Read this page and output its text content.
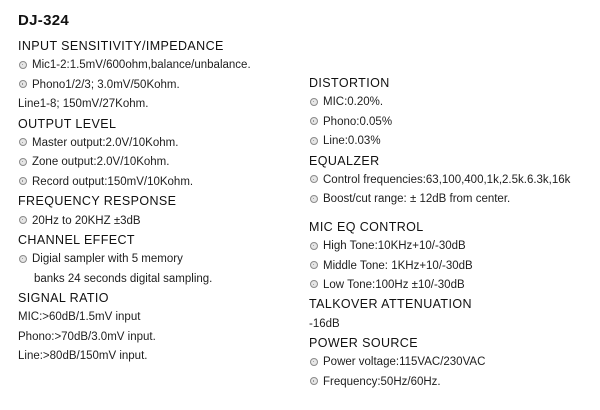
DJ-324
INPUT SENSITIVITY/IMPEDANCE
Mic1-2:1.5mV/600ohm,balance/unbalance.
Phono1/2/3; 3.0mV/50Kohm.
Line1-8; 150mV/27Kohm.
OUTPUT LEVEL
Master output:2.0V/10Kohm.
Zone output:2.0V/10Kohm.
Record output:150mV/10Kohm.
FREQUENCY RESPONSE
20Hz to 20KHZ ±3dB
CHANNEL EFFECT
Digial sampler with 5 memory
banks 24 seconds digital sampling.
SIGNAL RATIO
MIC:>60dB/1.5mV input
Phono:>70dB/3.0mV input.
Line:>80dB/150mV input.
DISTORTION
MIC:0.20%.
Phono:0.05%
Line:0.03%
EQUALZER
Control frequencies:63,100,400,1k,2.5k.6.3k,16k
Boost/cut range: ± 12dB from center.
MIC EQ CONTROL
High Tone:10KHz+10/-30dB
Middle Tone: 1KHz+10/-30dB
Low Tone:100Hz ±10/-30dB
TALKOVER ATTENUATION
-16dB
POWER SOURCE
Power voltage:115VAC/230VAC
Frequency:50Hz/60Hz.
